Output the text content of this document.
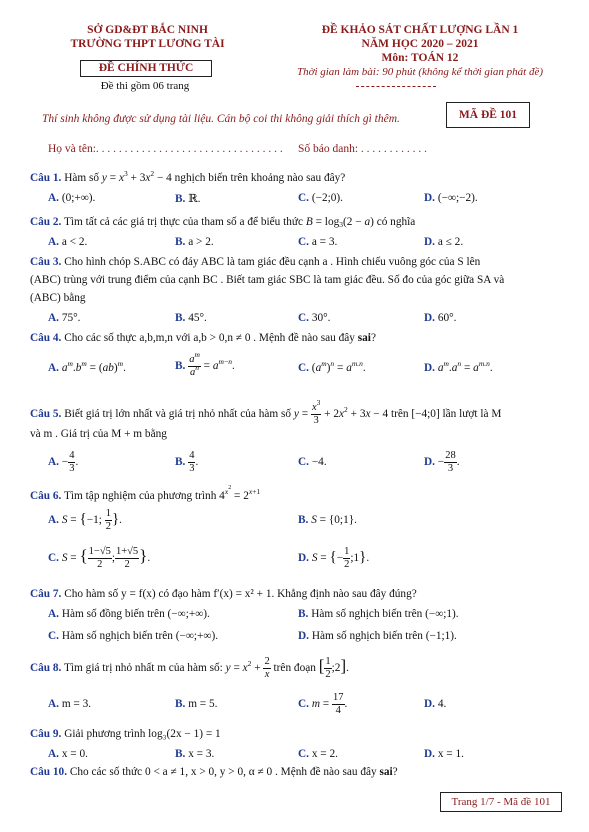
SỞ GD&ĐT BẮC NINH
TRƯỜNG THPT LƯƠNG TÀI
ĐỀ CHÍNH THỨC
Đề thi gồm 06 trang
ĐỀ KHẢO SÁT CHẤT LƯỢNG LẦN 1
NĂM HỌC 2020 – 2021
Môn: TOÁN 12
Thời gian làm bài: 90 phút (không kể thời gian phát đề)
Thí sinh không được sử dụng tài liệu. Cán bộ coi thi không giải thích gì thêm.	MÃ ĐỀ 101
Họ và tên:. . . . . . . . . . . . . . . . . . . . . . . . . . . . . . . . . Số báo danh: . . . . . . . . . . . .
Câu 1. Hàm số $y = x^3 + 3x^2 - 4$ nghịch biến trên khoảng nào sau đây?
A. (0;+∞).	B. ℝ.	C. (−2;0).	D. (−∞;−2).
Câu 2. Tìm tất cả các giá trị thực của tham số a để biểu thức $B = \log_3(2 - a)$ có nghĩa
A. a < 2.	B. a > 2.	C. a = 3.	D. a ≤ 2.
Câu 3. Cho hình chóp S.ABC có đáy ABC là tam giác đều cạnh a . Hình chiếu vuông góc của S lên
(ABC) trùng với trung điểm của cạnh BC . Biết tam giác SBC là tam giác đều. Số đo của góc giữa SA và
(ABC) bằng
A. 75°.	B. 45°.	C. 30°.	D. 60°.
Câu 4. Cho các số thực a,b,m,n với a,b > 0,n ≠ 0 . Mệnh đề nào sau đây sai?
A. $a^m.b^m = (ab)^m$.	B. $\frac{a^m}{a^n} = a^{m-n}$.	C. $(a^m)^n = a^{m.n}$.	D. $a^m.a^n = a^{m.n}$.
Câu 5. Biết giá trị lớn nhất và giá trị nhỏ nhất của hàm số $y = \frac{x^3}{3} + 2x^2 + 3x - 4$ trên [−4;0] lần lượt là M
và m . Giá trị của M + m bằng
A. − $\frac{4}{3}$ .	B. $\frac{4}{3}$ .	C. −4.	D. − $\frac{28}{3}$ .
Câu 6. Tìm tập nghiệm của phương trình $4^{x^2} = 2^{x+1}$
A. S = {−1; $\frac{1}{2}$ }.	B. S = {0;1}.
C. S = { $\frac{1-√5}{2}$ ; $\frac{1+√5}{2}$ }.	D. S = {− $\frac{1}{2}$ ;1}.
Câu 7. Cho hàm số y = f(x) có đạo hàm f′(x) = x² + 1. Khẳng định nào sau đây đúng?
A. Hàm số đồng biến trên (−∞;+∞).	B. Hàm số nghịch biến trên (−∞;1).
C. Hàm số nghịch biến trên (−∞;+∞).	D. Hàm số nghịch biến trên (−1;1).
Câu 8. Tìm giá trị nhỏ nhất m của hàm số: $y = x^2 + \frac{2}{x}$ trên đoạn [ $\frac{1}{2}$ ;2].
A. m = 3.	B. m = 5.	C. $m = \frac{17}{4}$ .	D. 4.
Câu 9. Giải phương trình log₃(2x − 1) = 1
A. x = 0.	B. x = 3.	C. x = 2.	D. x = 1.
Câu 10. Cho các số thức 0 < a ≠ 1, x > 0, y > 0, α ≠ 0 . Mệnh đề nào sau đây sai?
Trang 1/7 - Mã đề 101
